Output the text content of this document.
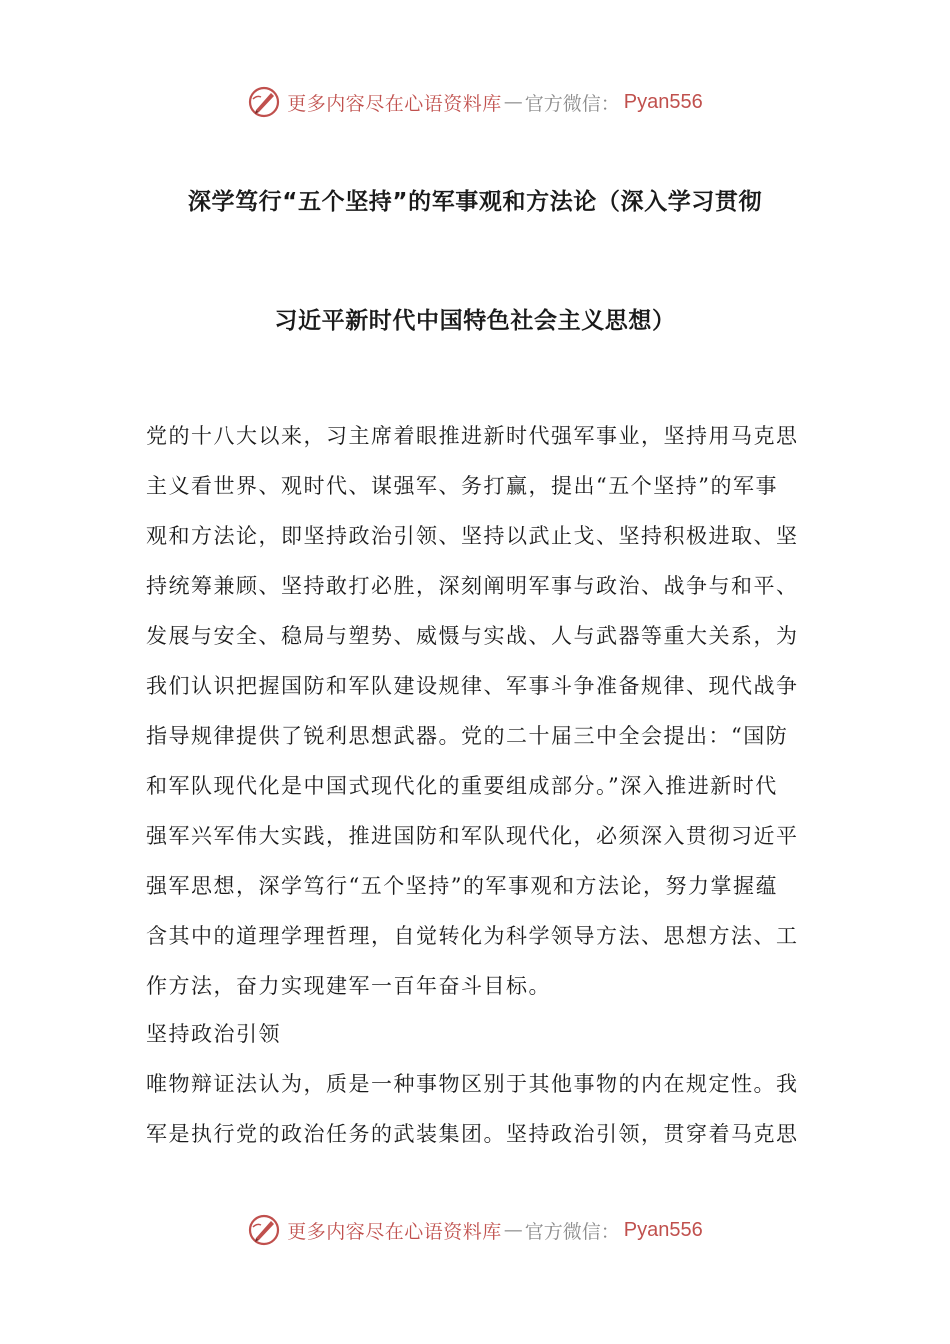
更多内容尽在心语资料库 — 官方微信： Pyan556
深学笃行“五个坚持”的军事观和方法论（深入学习贯彻
习近平新时代中国特色社会主义思想）
党的十八大以来，习主席着眼推进新时代强军事业，坚持用马克思
主义看世界、观时代、谋强军、务打赢，提出“五个坚持”的军事
观和方法论，即坚持政治引领、坚持以武止戈、坚持积极进取、坚
持统筹兼顾、坚持敢打必胜，深刻阐明军事与政治、战争与和平、
发展与安全、稳局与塑势、威慑与实战、人与武器等重大关系，为
我们认识把握国防和军队建设规律、军事斗争准备规律、现代战争
指导规律提供了锐利思想武器。党的二十届三中全会提出：“国防
和军队现代化是中国式现代化的重要组成部分。”深入推进新时代
强军兴军伟大实践，推进国防和军队现代化，必须深入贯彻习近平
强军思想，深学笃行“五个坚持”的军事观和方法论，努力掌握蕴
含其中的道理学理哲理，自觉转化为科学领导方法、思想方法、工
作方法，奋力实现建军一百年奋斗目标。
坚持政治引领
唯物辩证法认为，质是一种事物区别于其他事物的内在规定性。我
军是执行党的政治任务的武装集团。坚持政治引领，贯穿着马克思
更多内容尽在心语资料库 — 官方微信： Pyan556
